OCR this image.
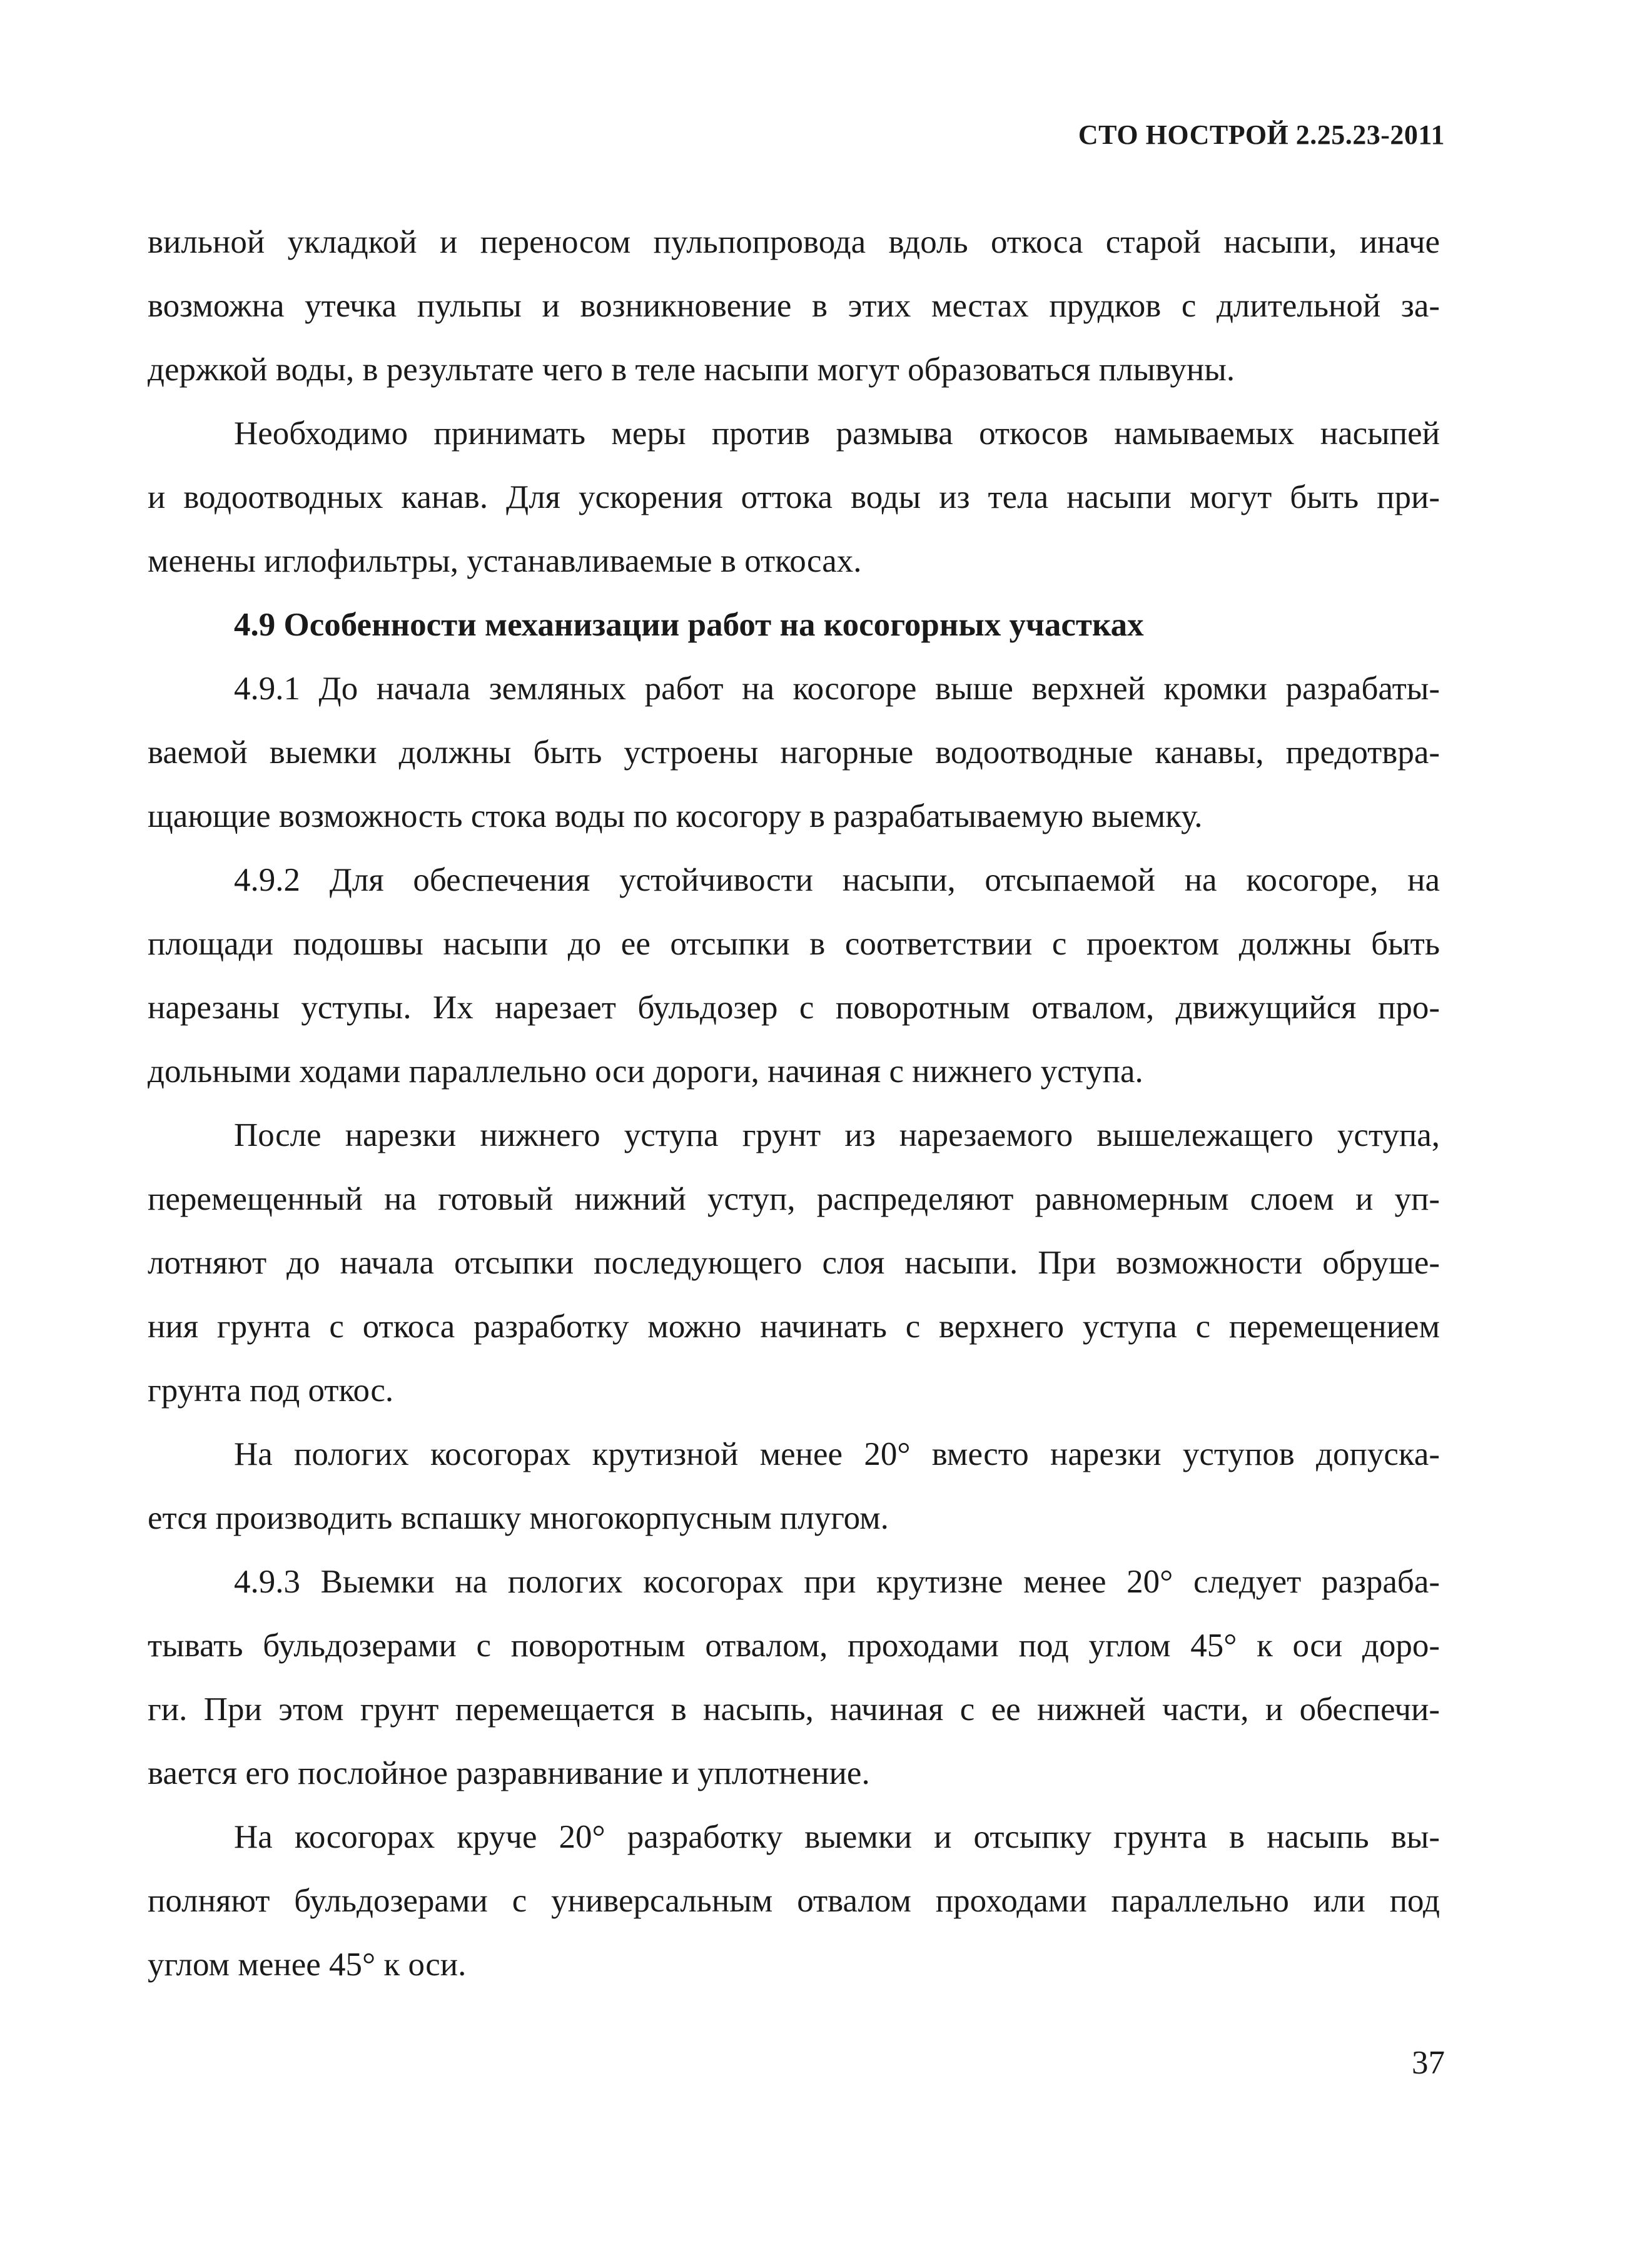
СТО НОСТРОЙ 2.25.23-2011

вильной укладкой и переносом пульпопровода вдоль откоса старой насыпи, иначе
возможна утечка пульпы и возникновение в этих местах прудков с длительной за-
держкой воды, в результате чего в теле насыпи могут образоваться плывуны.
Необходимо принимать меры против размыва откосов намываемых насыпей
и водоотводных канав. Для ускорения оттока воды из тела насыпи могут быть при-
менены иглофильтры, устанавливаемые в откосах.
4.9 Особенности механизации работ на косогорных участках
4.9.1 До начала земляных работ на косогоре выше верхней кромки разрабаты-
ваемой выемки должны быть устроены нагорные водоотводные канавы, предотвра-
щающие возможность стока воды по косогору в разрабатываемую выемку.
4.9.2 Для обеспечения устойчивости насыпи, отсыпаемой на косогоре, на
площади подошвы насыпи до ее отсыпки в соответствии с проектом должны быть
нарезаны уступы. Их нарезает бульдозер с поворотным отвалом, движущийся про-
дольными ходами параллельно оси дороги, начиная с нижнего уступа.
После нарезки нижнего уступа грунт из нарезаемого вышележащего уступа,
перемещенный на готовый нижний уступ, распределяют равномерным слоем и уп-
лотняют до начала отсыпки последующего слоя насыпи. При возможности обруше-
ния грунта с откоса разработку можно начинать с верхнего уступа с перемещением
грунта под откос.
На пологих косогорах крутизной менее 20° вместо нарезки уступов допуска-
ется производить вспашку многокорпусным плугом.
4.9.3 Выемки на пологих косогорах при крутизне менее 20° следует разраба-
тывать бульдозерами с поворотным отвалом, проходами под углом 45° к оси доро-
ги. При этом грунт перемещается в насыпь, начиная с ее нижней части, и обеспечи-
вается его послойное разравнивание и уплотнение.
На косогорах круче 20° разработку выемки и отсыпку грунта в насыпь вы-
полняют бульдозерами с универсальным отвалом проходами параллельно или под
углом менее 45° к оси.

37
